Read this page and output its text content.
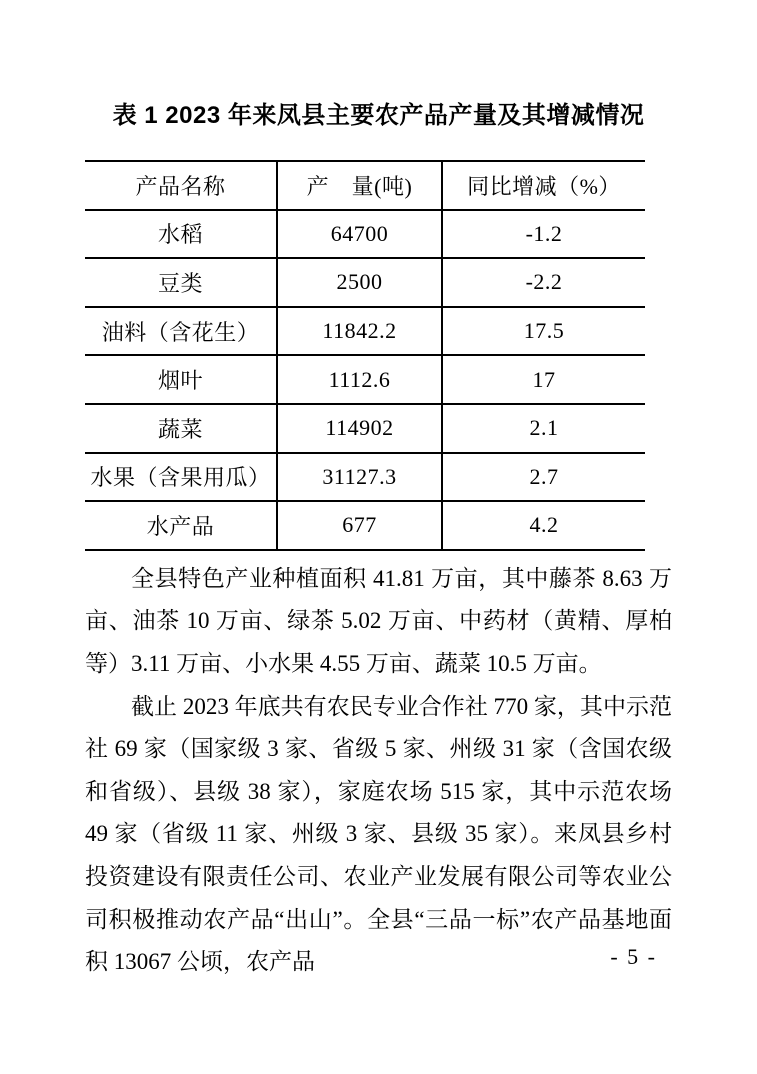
表 1 2023 年来凤县主要农产品产量及其增减情况
产品名称	产　量(吨)	同比增减（%）
水稻	64700	-1.2
豆类	2500	-2.2
油料（含花生）	11842.2	17.5
烟叶	1112.6	17
蔬菜	114902	2.1
水果（含果用瓜）	31127.3	2.7
水产品	677	4.2

全县特色产业种植面积 41.81 万亩，其中藤茶 8.63 万亩、油茶 10 万亩、绿茶 5.02 万亩、中药材（黄精、厚柏等）3.11 万亩、小水果 4.55 万亩、蔬菜 10.5 万亩。

截止 2023 年底共有农民专业合作社 770 家，其中示范社 69 家（国家级 3 家、省级 5 家、州级 31 家（含国农级和省级）、县级 38 家），家庭农场 515 家，其中示范农场 49 家（省级 11 家、州级 3 家、县级 35 家）。来凤县乡村投资建设有限责任公司、农业产业发展有限公司等农业公司积极推动农产品“出山”。全县“三品一标”农产品基地面积 13067 公顷，农产品	- 5 -
